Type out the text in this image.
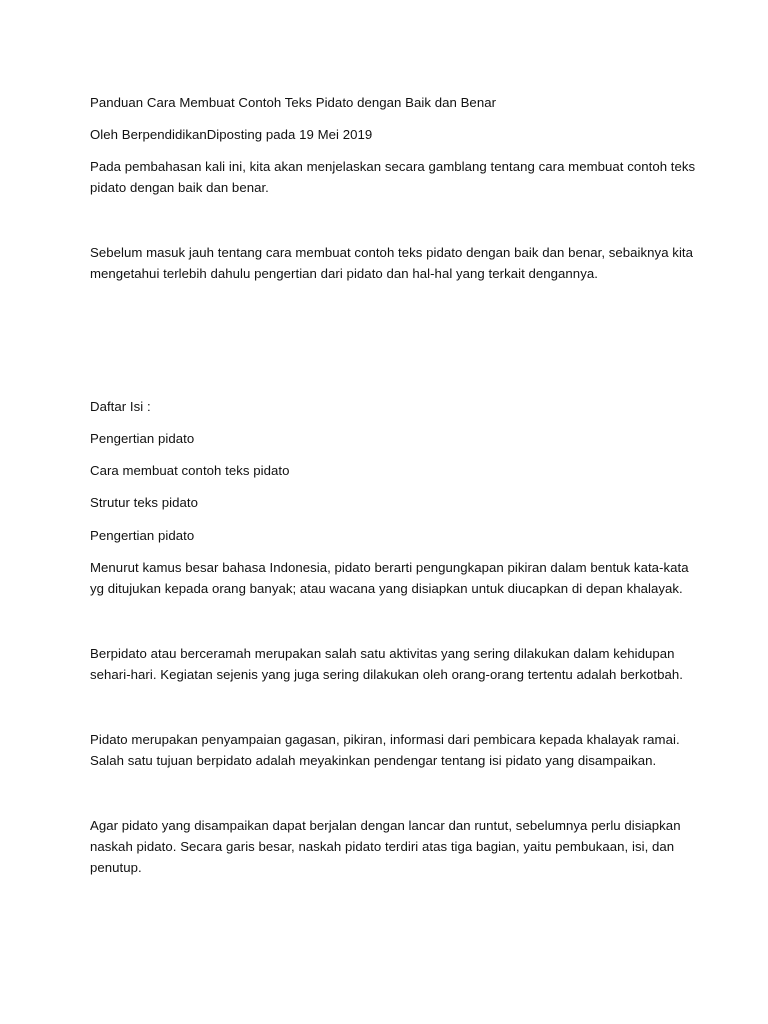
Panduan Cara Membuat Contoh Teks Pidato dengan Baik dan Benar

Oleh BerpendidikanDiposting pada 19 Mei 2019

Pada pembahasan kali ini, kita akan menjelaskan secara gamblang tentang cara membuat contoh teks
pidato dengan baik dan benar.

Sebelum masuk jauh tentang cara membuat contoh teks pidato dengan baik dan benar, sebaiknya kita
mengetahui terlebih dahulu pengertian dari pidato dan hal-hal yang terkait dengannya.

Daftar Isi :

Pengertian pidato

Cara membuat contoh teks pidato

Strutur teks pidato

Pengertian pidato

Menurut kamus besar bahasa Indonesia, pidato berarti pengungkapan pikiran dalam bentuk kata-kata
yg ditujukan kepada orang banyak; atau wacana yang disiapkan untuk diucapkan di depan khalayak.

Berpidato atau berceramah merupakan salah satu aktivitas yang sering dilakukan dalam kehidupan
sehari-hari. Kegiatan sejenis yang juga sering dilakukan oleh orang-orang tertentu adalah berkotbah.

Pidato merupakan penyampaian gagasan, pikiran, informasi dari pembicara kepada khalayak ramai.
Salah satu tujuan berpidato adalah meyakinkan pendengar tentang isi pidato yang disampaikan.

Agar pidato yang disampaikan dapat berjalan dengan lancar dan runtut, sebelumnya perlu disiapkan
naskah pidato. Secara garis besar, naskah pidato terdiri atas tiga bagian, yaitu pembukaan, isi, dan
penutup.
